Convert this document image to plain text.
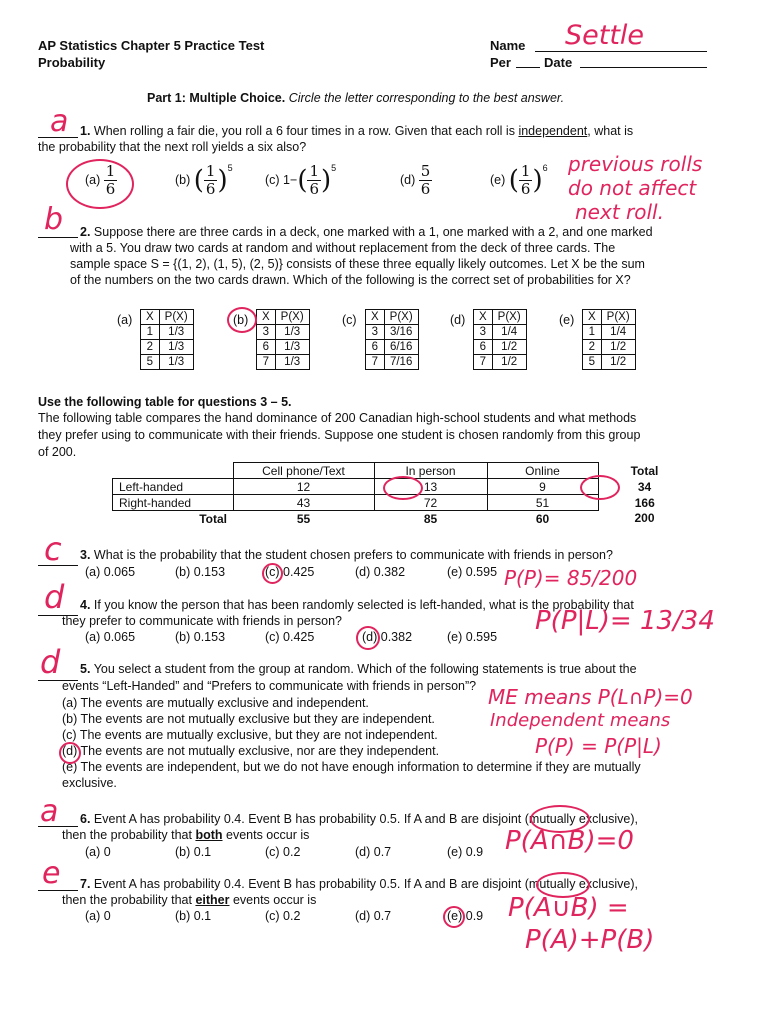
AP Statistics Chapter 5 Practice Test
Probability
Name Settle
Per	Date
Part 1: Multiple Choice. Circle the letter corresponding to the best answer.
a 1. When rolling a fair die, you roll a 6 four times in a row. Given that each roll is independent, what is
the probability that the next roll yields a six also?
$(a) \frac{1}{6}$	(b) ( $\frac{1}{6} )^5$
(c) $1-( \frac{1}{6} )^5$
$(d) \frac{5}{6}$	(e) ( $\frac{1}{6} )^6$ previous rolls
do not affect
next roll.
b 2. Suppose there are three cards in a deck, one marked with a 1, one marked with a 2, and one marked
with a 5. You draw two cards at random and without replacement from the deck of three cards. The
sample space S = {(1, 2), (1, 5), (2, 5)} consists of these three equally likely outcomes. Let X be the sum
of the numbers on the two cards drawn. Which of the following is the correct set of probabilities for X?
(a) X	P(X)
1	1/3
2	1/3
5	1/3
(b) X	P(X)
3	1/3
6	1/3
7	1/3
(c) X	P(X)
3	3/16
6	6/16
7	7/16
(d) X	P(X)
3	1/4
6	1/2
7	1/2
(e) X	P(X)
1	1/4
2	1/2
5	1/2
Use the following table for questions 3 – 5.
The following table compares the hand dominance of 200 Canadian high-school students and what methods
they prefer using to communicate with their friends. Suppose one student is chosen randomly from this group
of 200.
	Cell phone/Text	In person	Online	Total
Left-handed	12	13	9	34
Right-handed	43	72	51	166
Total	55	85	60	200
c 3. What is the probability that the student chosen prefers to communicate with friends in person?
(a) 0.065	(b) 0.153	(c) 0.425	(d) 0.382	(e) 0.595 P(P)= 85/200
d 4. If you know the person that has been randomly selected is left-handed, what is the probability that
they prefer to communicate with friends in person?
(a) 0.065	(b) 0.153	(c) 0.425	(d) 0.382	(e) 0.595
P(P|L)= 13/34
d 5. You select a student from the group at random. Which of the following statements is true about the
events “Left-Handed” and “Prefers to communicate with friends in person”?
(a) The events are mutually exclusive and independent.
(b) The events are not mutually exclusive but they are independent.
(c) The events are mutually exclusive, but they are not independent.
(d) The events are not mutually exclusive, nor are they independent.
(e) The events are independent, but we do not have enough information to determine if they are mutually
exclusive.
ME means P(L∩P)=0
Independent means
P(P) = P(P|L)
a 6. Event A has probability 0.4. Event B has probability 0.5. If A and B are disjoint (mutually exclusive),
then the probability that both events occur is
(a) 0	(b) 0.1	(c) 0.2	(d) 0.7	(e) 0.9 P(A∩B)=0
e 7. Event A has probability 0.4. Event B has probability 0.5. If A and B are disjoint (mutually exclusive),
then the probability that either events occur is
(a) 0	(b) 0.1	(c) 0.2	(d) 0.7	(e) 0.9 P(A∪B) =
P(A)+P(B)
